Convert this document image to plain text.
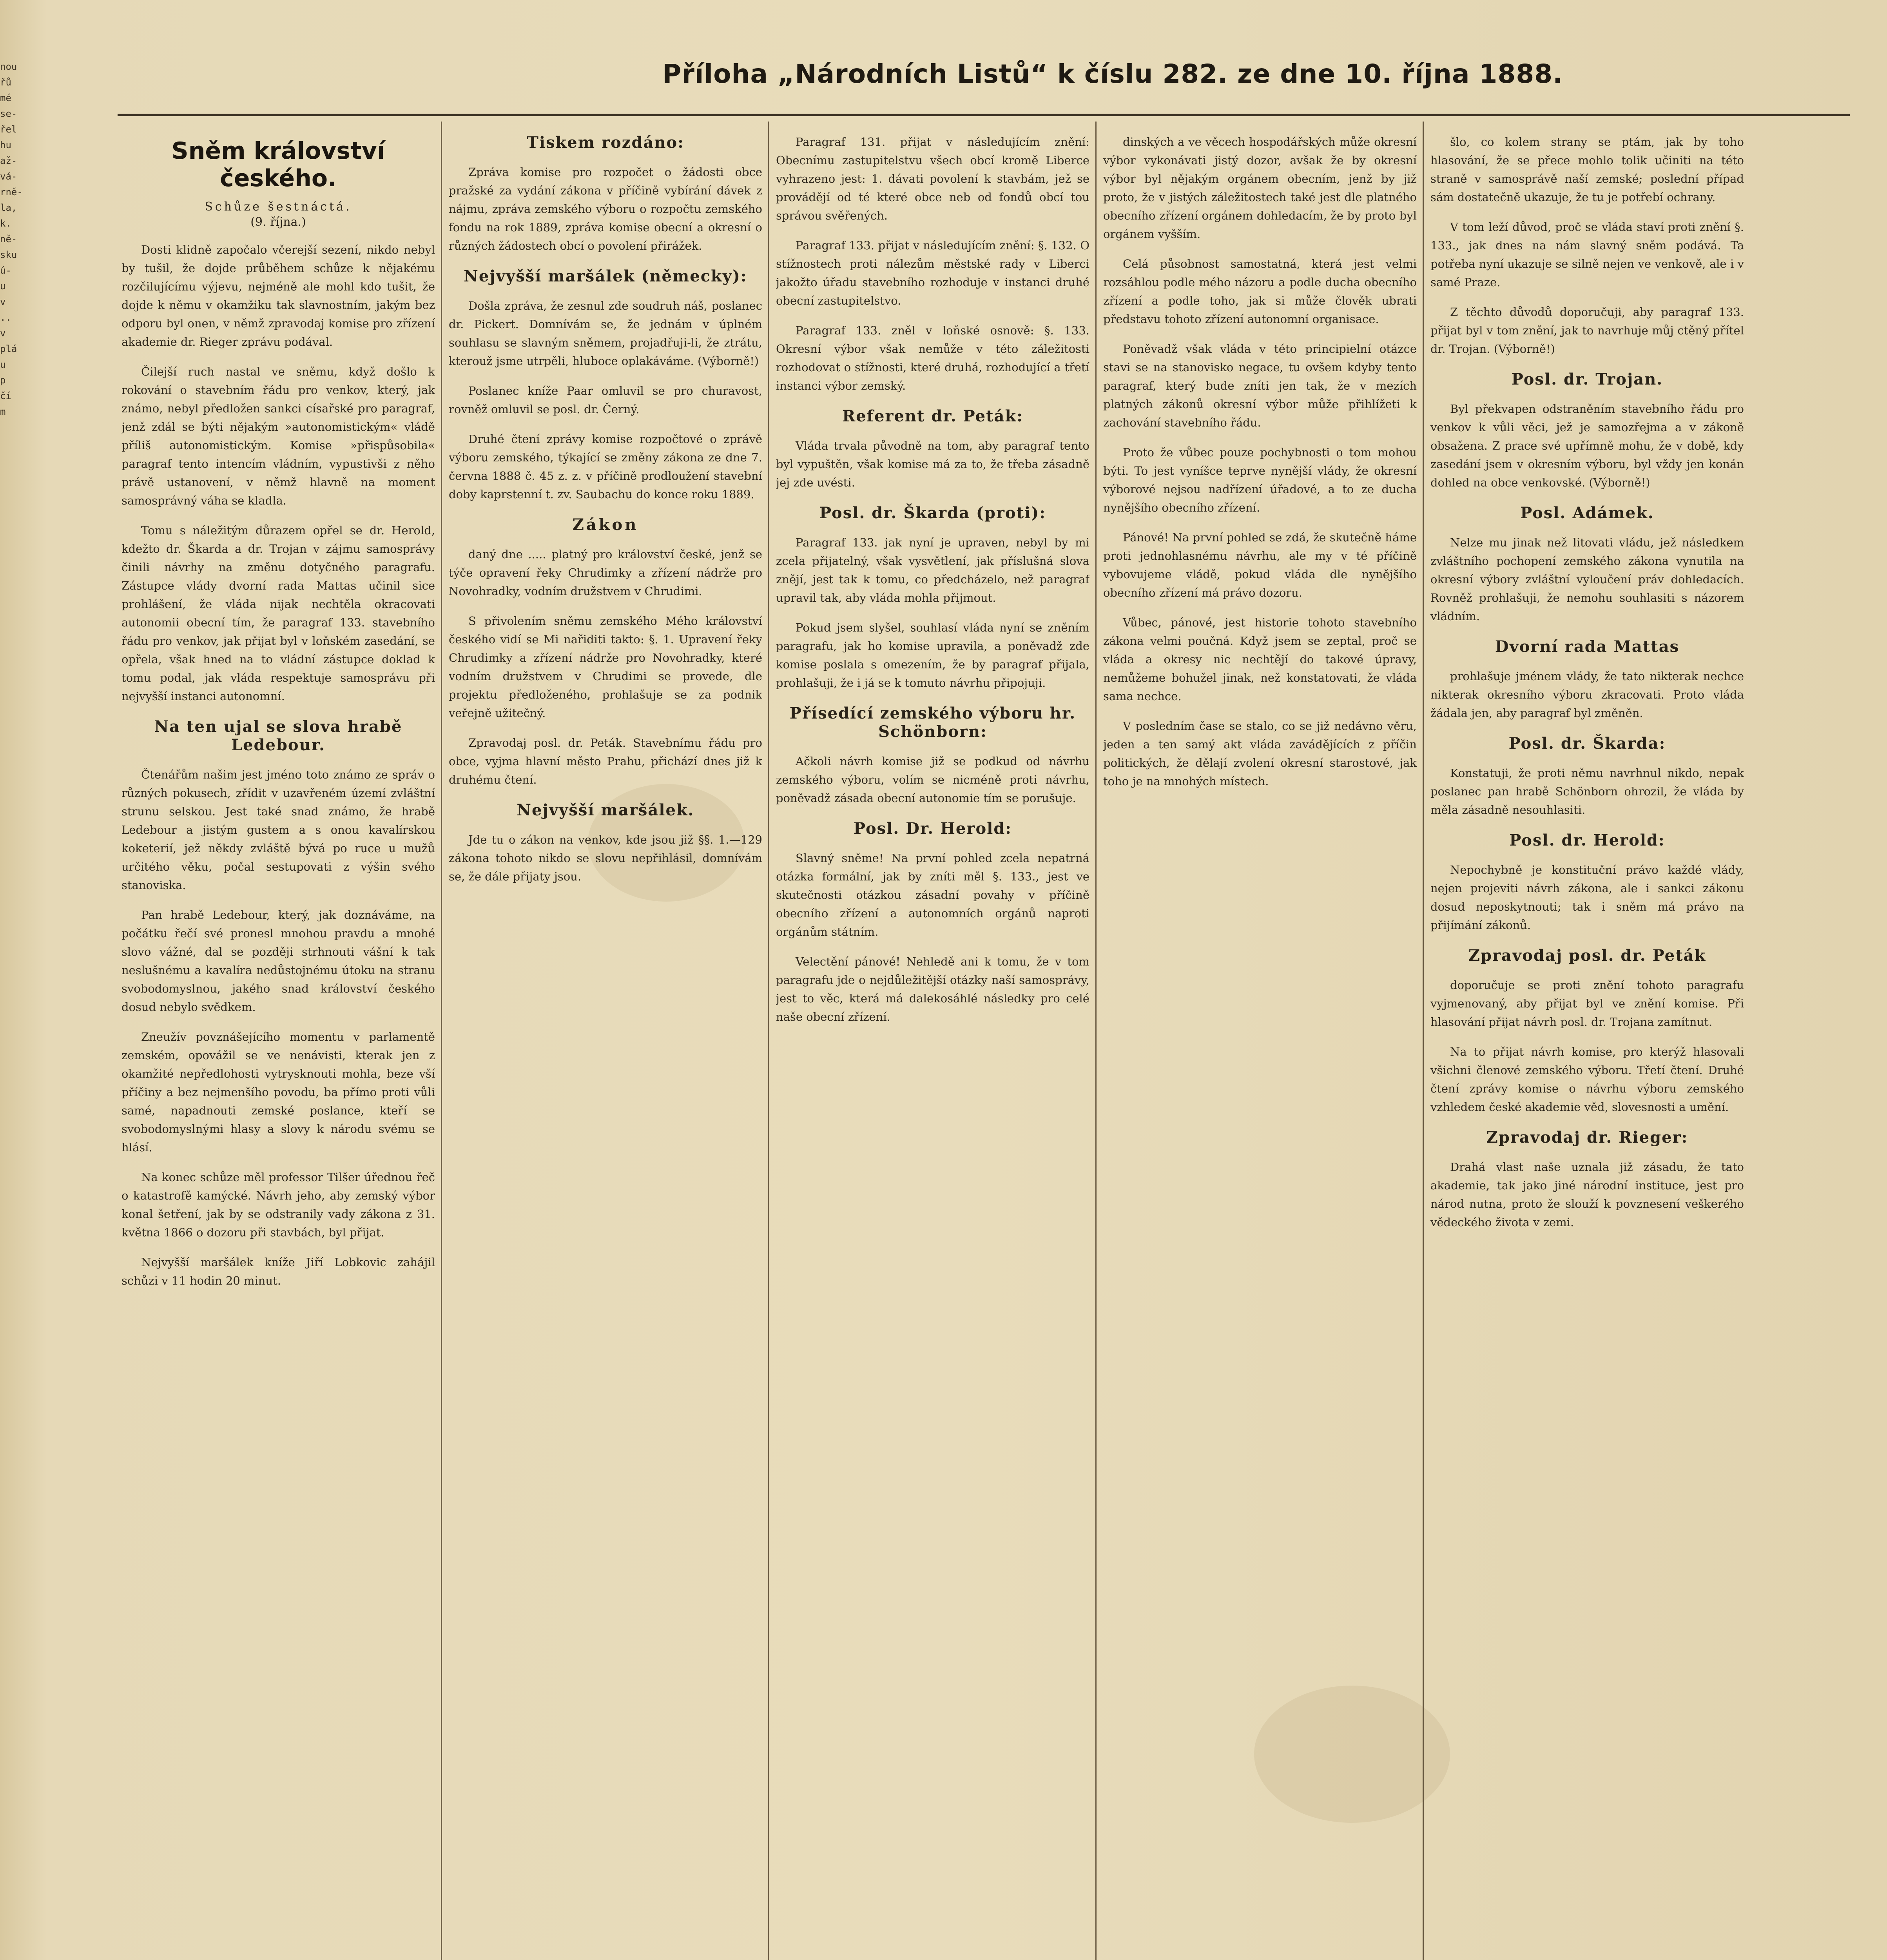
nou
řů
mé
se-
řel
hu
až-
vá-
rně-
la,
k.
ně-
sku
ú-
u
v
..
v
plá
u
p
čí
m
Příloha „Národních Listů“ k číslu 282. ze dne 10. října 1888.
Sněm království českého.
Schůze šestnáctá.
(9. října.)

Dosti klidně započalo včerejší sezení, nikdo nebyl by tušil, že dojde průběhem schůze k nějakému rozčilujícímu výjevu, nejméně ale mohl kdo tušit, že dojde k němu v okamžiku tak slavnostním, jakým bez odporu byl onen, v němž zpravodaj komise pro zřízení akademie dr. Rieger zprávu podával.

Čilejší ruch nastal ve sněmu, když došlo k rokování o stavebním řádu pro venkov, který, jak známo, nebyl předložen sankci císařské pro paragraf, jenž zdál se býti nějakým »autonomistickým« vládě příliš autonomistickým. Komise »přispůsobila« paragraf tento intencím vládním, vypustivši z něho právě ustanovení, v němž hlavně na moment samosprávný váha se kladla.

Tomu s náležitým důrazem opřel se dr. Herold, kdežto dr. Škarda a dr. Trojan v zájmu samosprávy činili návrhy na změnu dotyčného paragrafu. Zástupce vlády dvorní rada Mattas učinil sice prohlášení, že vláda nijak nechtěla okracovati autonomii obecní tím, že paragraf 133. stavebního řádu pro venkov, jak přijat byl v loňském zasedání, se opřela, však hned na to vládní zástupce doklad k tomu podal, jak vláda respektuje samosprávu při nejvyšší instanci autonomní.

Na ten ujal se slova hrabě Ledebour.

Čtenářům našim jest jméno toto známo ze správ o různých pokusech, zřídit v uzavřeném území zvláštní strunu selskou. Jest také snad známo, že hrabě Ledebour a jistým gustem a s onou kavalírskou koketerií, jež někdy zvláště bývá po ruce u mužů určitého věku, počal sestupovati z výšin svého stanoviska.

Pan hrabě Ledebour, který, jak doznáváme, na počátku řečí své pronesl mnohou pravdu a mnohé slovo vážné, dal se později strhnouti vášní k tak neslušnému a kavalíra nedůstojnému útoku na stranu svobodomyslnou, jakého snad království českého dosud nebylo svědkem.

Zneužív povznášejícího momentu v parlamentě zemském, opovážil se ve nenávisti, kterak jen z okamžité nepředlohosti vytrysknouti mohla, beze vší příčiny a bez nejmenšího povodu, ba přímo proti vůli samé, napadnouti zemské poslance, kteří se svobodomyslnými hlasy a slovy k národu svému se hlásí.

Na konec schůze měl professor Tilšer úřednou řeč o katastrofě kamýcké. Návrh jeho, aby zemský výbor konal šetření, jak by se odstranily vady zákona z 31. května 1866 o dozoru při stavbách, byl přijat.

Nejvyšší maršálek kníže Jiří Lobkovic zahájil schůzi v 11 hodin 20 minut.

Tiskem rozdáno:

Zpráva komise pro rozpočet o žádosti obce pražské za vydání zákona v příčině vybírání dávek z nájmu, zpráva zemského výboru o rozpočtu zemského fondu na rok 1889, zpráva komise obecní a okresní o různých žádostech obcí o povolení přirážek.

Nejvyšší maršálek (německy):

Došla zpráva, že zesnul zde soudruh náš, poslanec dr. Pickert. Domnívám se, že jednám v úplném souhlasu se slavným sněmem, projadřuji-li, že ztrátu, kterouž jsme utrpěli, hluboce oplakáváme. (Výborně!)

Poslanec kníže Paar omluvil se pro churavost, rovněž omluvil se posl. dr. Černý.

Druhé čtení zprávy komise rozpočtové o zprávě výboru zemského, týkající se změny zákona ze dne 7. června 1888 č. 45 z. z. v příčině prodloužení stavební doby kaprstenní t. zv. Saubachu do konce roku 1889.

Zákon

daný dne ..... platný pro království české, jenž se týče opravení řeky Chrudimky a zřízení nádrže pro Novohradky, vodním družstvem v Chrudimi.

S přivolením sněmu zemského Mého království českého vidí se Mi nařiditi takto: §. 1. Upravení řeky Chrudimky a zřízení nádrže pro Novohradky, které vodním družstvem v Chrudimi se provede, dle projektu předloženého, prohlašuje se za podnik veřejně užitečný.

Zpravodaj posl. dr. Peták. Stavebnímu řádu pro obce, vyjma hlavní město Prahu, přichází dnes již k druhému čtení.

Nejvyšší maršálek.

Jde tu o zákon na venkov, kde jsou již §§. 1.—129 zákona tohoto nikdo se slovu nepřihlásil, domnívám se, že dále přijaty jsou.

Paragraf 131. přijat v následujícím znění: Obecnímu zastupitelstvu všech obcí kromě Liberce vyhrazeno jest: 1. dávati povolení k stavbám, jež se provádějí od té které obce neb od fondů obcí tou správou svěřených.

Paragraf 133. přijat v následujícím znění: §. 132. O stížnostech proti nálezům městské rady v Liberci jakožto úřadu stavebního rozhoduje v instanci druhé obecní zastupitelstvo.

Paragraf 133. zněl v loňské osnově: §. 133. Okresní výbor však nemůže v této záležitosti rozhodovat o stížnosti, které druhá, rozhodující a třetí instanci výbor zemský.

Referent dr. Peták:

Vláda trvala původně na tom, aby paragraf tento byl vypuštěn, však komise má za to, že třeba zásadně jej zde uvésti.

Posl. dr. Škarda (proti):

Paragraf 133. jak nyní je upraven, nebyl by mi zcela přijatelný, však vysvětlení, jak příslušná slova znějí, jest tak k tomu, co předcházelo, než paragraf upravil tak, aby vláda mohla přijmout.

Pokud jsem slyšel, souhlasí vláda nyní se zněním paragrafu, jak ho komise upravila, a poněvadž zde komise poslala s omezením, že by paragraf přijala, prohlašuji, že i já se k tomuto návrhu připojuji.

Přísedící zemského výboru hr. Schönborn:

Ačkoli návrh komise již se podkud od návrhu zemského výboru, volím se nicméně proti návrhu, poněvadž zásada obecní autonomie tím se porušuje.

Posl. Dr. Herold:

Slavný sněme! Na první pohled zcela nepatrná otázka formální, jak by zníti měl §. 133., jest ve skutečnosti otázkou zásadní povahy v příčině obecního zřízení a autonomních orgánů naproti orgánům státním.

Velectění pánové! Nehledě ani k tomu, že v tom paragrafu jde o nejdůležitější otázky naší samosprávy, jest to věc, která má dalekosáhlé následky pro celé naše obecní zřízení.

dinských a ve věcech hospodářských může okresní výbor vykonávati jistý dozor, avšak že by okresní výbor byl nějakým orgánem obecním, jenž by již proto, že v jistých záležitostech také jest dle platného obecního zřízení orgánem dohledacím, že by proto byl orgánem vyšším.

Celá působnost samostatná, která jest velmi rozsáhlou podle mého názoru a podle ducha obecního zřízení a podle toho, jak si může člověk ubrati představu tohoto zřízení autonomní organisace.

Poněvadž však vláda v této principielní otázce stavi se na stanovisko negace, tu ovšem kdyby tento paragraf, který bude zníti jen tak, že v mezích platných zákonů okresní výbor může přihlížeti k zachování stavebního řádu.

Proto že vůbec pouze pochybnosti o tom mohou býti. To jest vyníšce teprve nynější vlády, že okresní výborové nejsou nadřízení úřadové, a to ze ducha nynějšího obecního zřízení.

Pánové! Na první pohled se zdá, že skutečně háme proti jednohlasnému návrhu, ale my v té příčině vybovujeme vládě, pokud vláda dle nynějšího obecního zřízení má právo dozoru.

Vůbec, pánové, jest historie tohoto stavebního zákona velmi poučná. Když jsem se zeptal, proč se vláda a okresy nic nechtějí do takové úpravy, nemůžeme bohužel jinak, než konstatovati, že vláda sama nechce.

V posledním čase se stalo, co se již nedávno věru, jeden a ten samý akt vláda zavádějících z příčin politických, že dělají zvolení okresní starostové, jak toho je na mnohých místech.

šlo, co kolem strany se ptám, jak by toho hlasování, že se přece mohlo tolik učiniti na této straně v samosprávě naší zemské; poslední případ sám dostatečně ukazuje, že tu je potřebí ochrany.

V tom leží důvod, proč se vláda staví proti znění §. 133., jak dnes na nám slavný sněm podává. Ta potřeba nyní ukazuje se silně nejen ve venkově, ale i v samé Praze.

Z těchto důvodů doporučuji, aby paragraf 133. přijat byl v tom znění, jak to navrhuje můj ctěný přítel dr. Trojan. (Výborně!)

Posl. dr. Trojan.

Byl překvapen odstraněním stavebního řádu pro venkov k vůli věci, jež je samozřejma a v zákoně obsažena. Z prace své upřímně mohu, že v době, kdy zasedání jsem v okresním výboru, byl vždy jen konán dohled na obce venkovské. (Výborně!)

Posl. Adámek.

Nelze mu jinak než litovati vládu, jež následkem zvláštního pochopení zemského zákona vynutila na okresní výbory zvláštní vyloučení práv dohledacích. Rovněž prohlašuji, že nemohu souhlasiti s názorem vládním.

Dvorní rada Mattas

prohlašuje jménem vlády, že tato nikterak nechce nikterak okresního výboru zkracovati. Proto vláda žádala jen, aby paragraf byl změněn.

Posl. dr. Škarda:

Konstatuji, že proti němu navrhnul nikdo, nepak poslanec pan hrabě Schönborn ohrozil, že vláda by měla zásadně nesouhlasiti.

Posl. dr. Herold:

Nepochybně je konstituční právo každé vlády, nejen projeviti návrh zákona, ale i sankci zákonu dosud neposkytnouti; tak i sněm má právo na přijímání zákonů.

Zpravodaj posl. dr. Peták

doporučuje se proti znění tohoto paragrafu vyjmenovaný, aby přijat byl ve znění komise. Při hlasování přijat návrh posl. dr. Trojana zamítnut.

Na to přijat návrh komise, pro kterýž hlasovali všichni členové zemského výboru. Třetí čtení. Druhé čtení zprávy komise o návrhu výboru zemského vzhledem české akademie věd, slovesnosti a umění.

Zpravodaj dr. Rieger:

Drahá vlast naše uznala již zásadu, že tato akademie, tak jako jiné národní instituce, jest pro národ nutna, proto že slouží k povznesení veškerého vědeckého života v zemi.
